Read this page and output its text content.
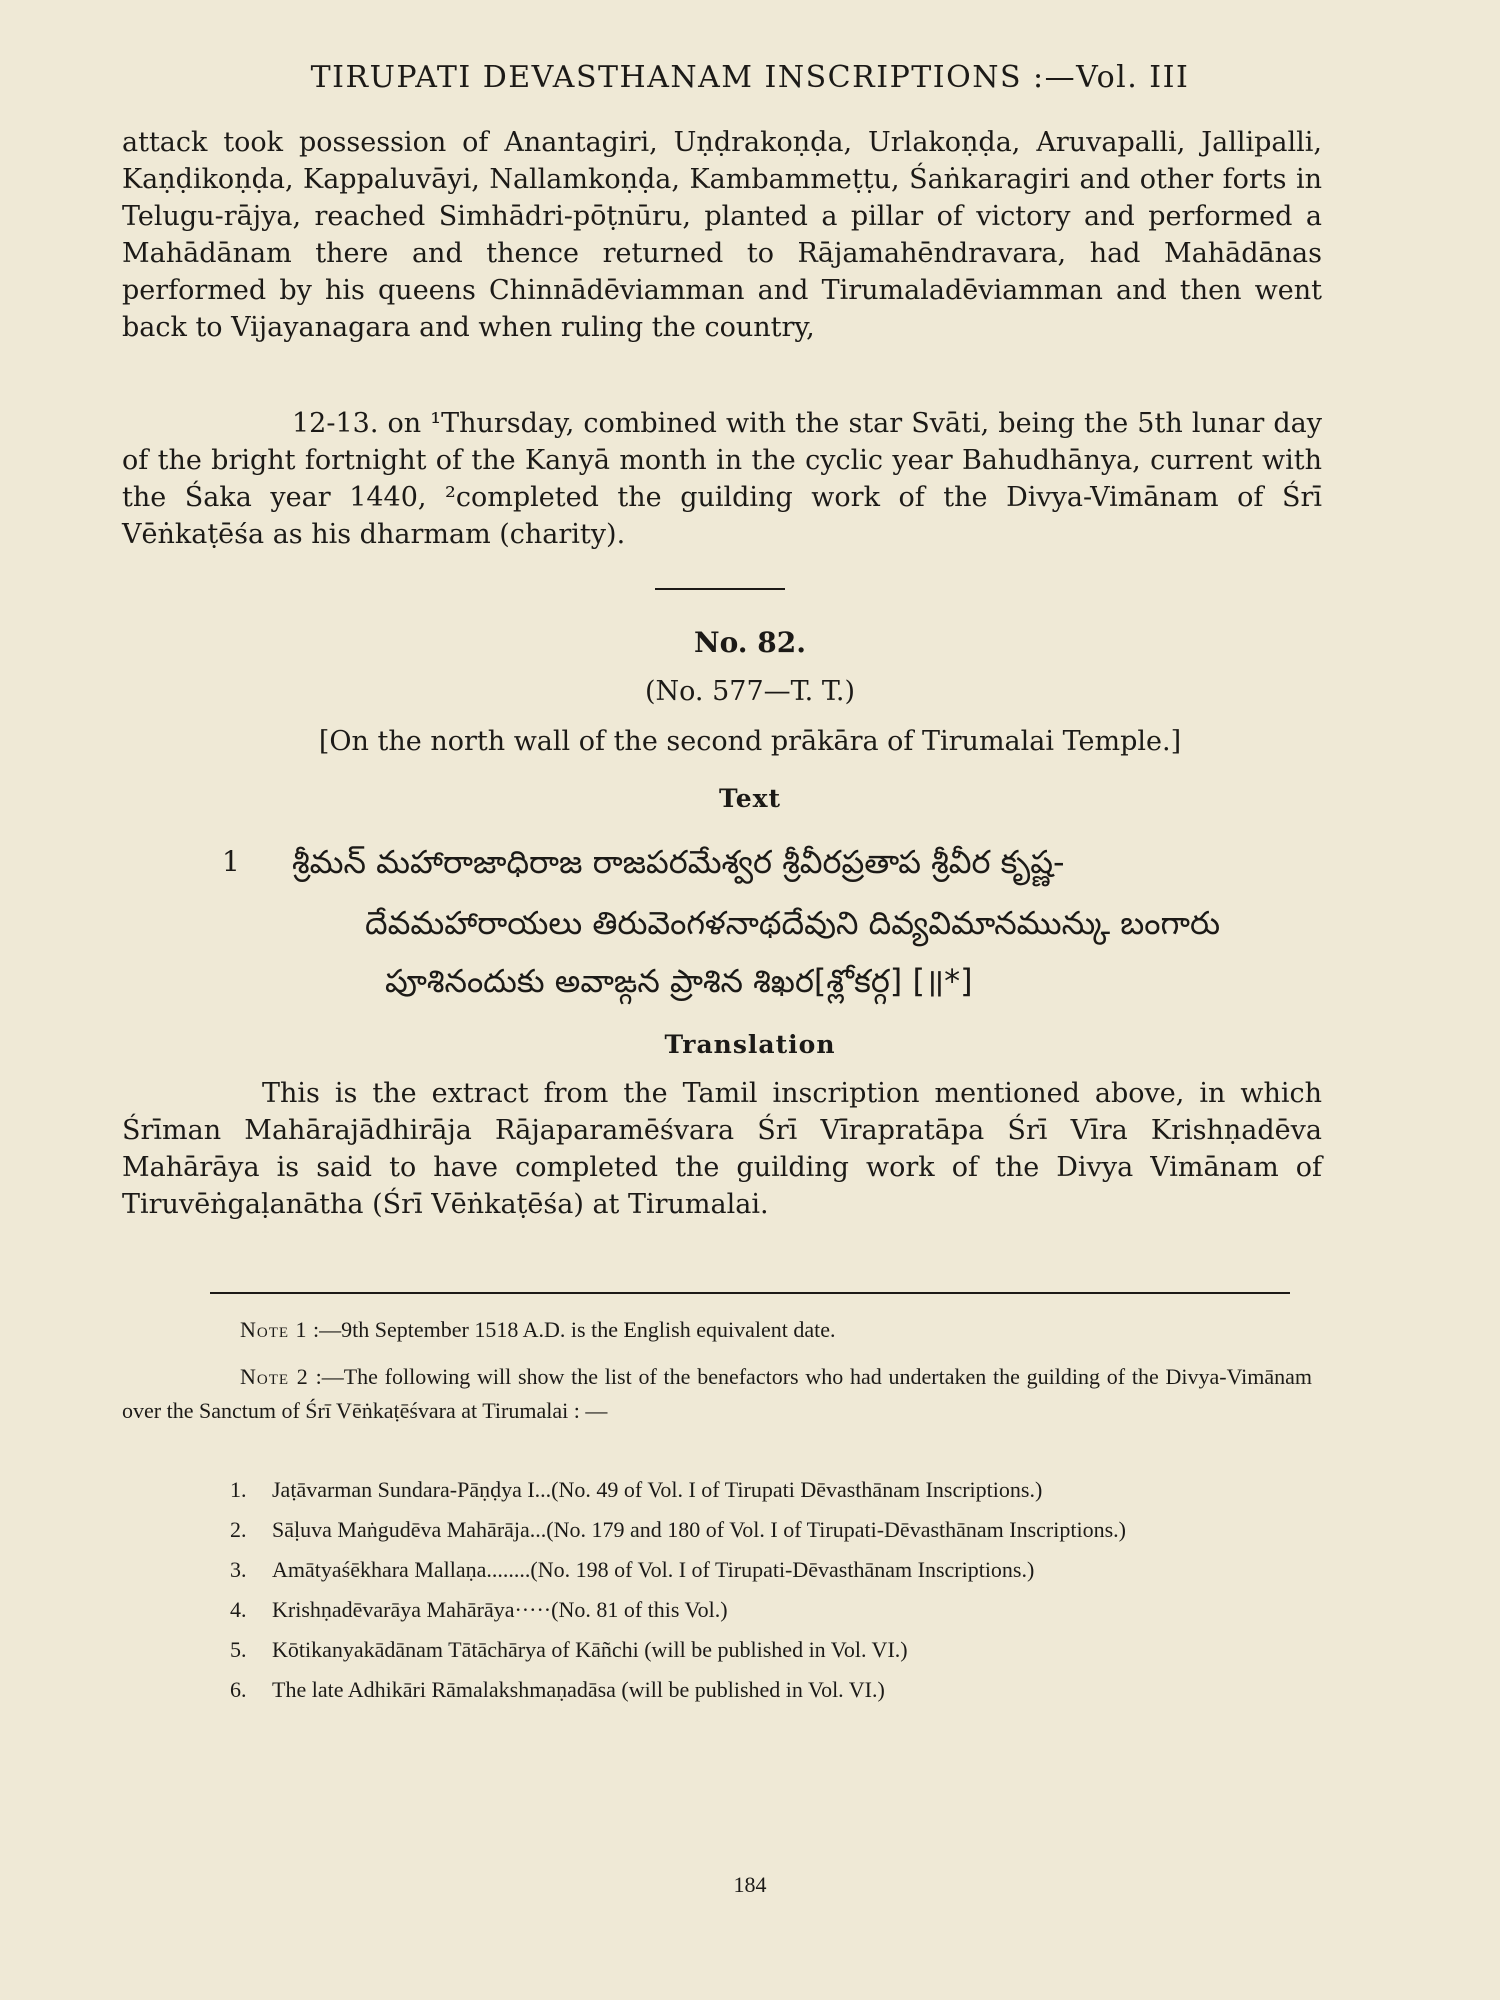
TIRUPATI DEVASTHANAM INSCRIPTIONS :—Vol. III

attack took possession of Anantagiri, Uṇḍrakoṇḍa, Urlakoṇḍa, Aruvapalli, Jallipalli, Kaṇḍikoṇḍa, Kappaluvāyi, Nallamkoṇḍa, Kambammeṭṭu, Śaṅkaragiri and other forts in Telugu-rājya, reached Simhādri-pōṭnūru, planted a pillar of victory and performed a Mahādānam there and thence returned to Rājamahēndravara, had Mahādānas performed by his queens Chinnādēviamman and Tirumaladēviamman and then went back to Vijayanagara and when ruling the country,

12-13. on ¹Thursday, combined with the star Svāti, being the 5th lunar day of the bright fortnight of the Kanyā month in the cyclic year Bahudhānya, current with the Śaka year 1440, ²completed the guilding work of the Divya-Vimānam of Śrī Vēṅkaṭēśa as his dharmam (charity).

No. 82.
(No. 577—T. T.)
[On the north wall of the second prākāra of Tirumalai Temple.]
Text
1 శ్రీమన్ మహారాజాధిరాజ రాజపరమేశ్వర శ్రీవీరప్రతాప శ్రీవీర కృష్ణ-
దేవమహారాయలు తిరువెంగళనాథదేవుని దివ్యవిమానమున్కు బంగారు
పూశినందుకు అవాఙ్గన ప్రాశిన శిఖర[శ్లోకర్గ] [॥*]
Translation

This is the extract from the Tamil inscription mentioned above, in which Śrīman Mahārajādhirāja Rājaparamēśvara Śrī Vīrapratāpa Śrī Vīra Krishṇadēva Mahārāya is said to have completed the guilding work of the Divya Vimānam of Tiruvēṅgaḷanātha (Śrī Vēṅkaṭēśa) at Tirumalai.

Note 1 :—9th September 1518 A.D. is the English equivalent date.

Note 2 :—The following will show the list of the benefactors who had undertaken the guilding of the Divya-Vimānam over the Sanctum of Śrī Vēṅkaṭēśvara at Tirumalai : —

1.	Jaṭāvarman Sundara-Pāṇḍya I...(No. 49 of Vol. I of Tirupati Dēvasthānam Inscriptions.)
2.	Sāḷuva Maṅgudēva Mahārāja...(No. 179 and 180 of Vol. I of Tirupati-Dēvasthānam Inscriptions.)
3.	Amātyaśēkhara Mallaṇa........(No. 198 of Vol. I of Tirupati-Dēvasthānam Inscriptions.)
4.	Krishṇadēvarāya Mahārāya·····(No. 81 of this Vol.)
5.	Kōtikanyakādānam Tātāchārya of Kāñchi (will be published in Vol. VI.)
6.	The late Adhikāri Rāmalakshmaṇadāsa (will be published in Vol. VI.)
184
